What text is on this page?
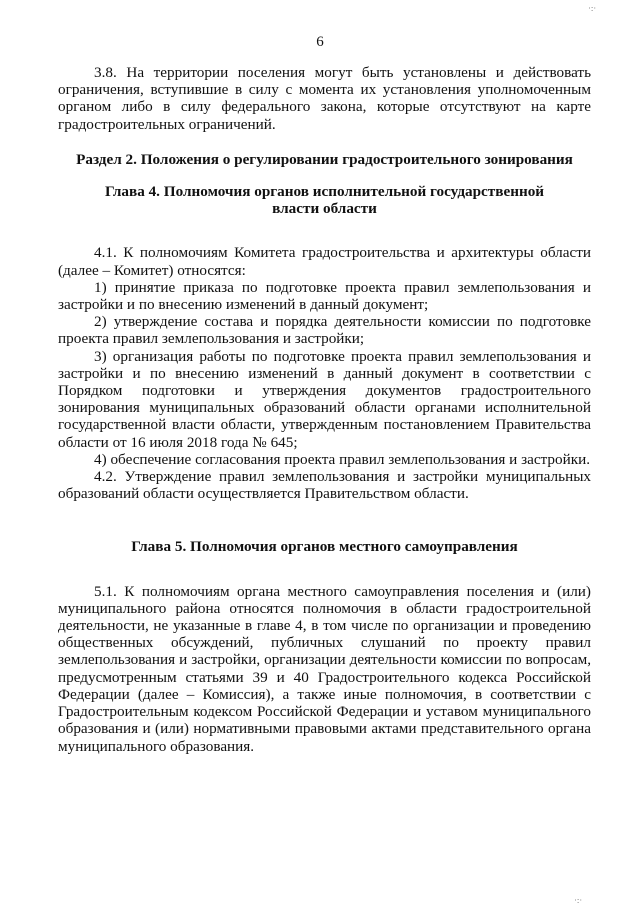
6

3.8. На территории поселения могут быть установлены и действовать ограничения, вступившие в силу с момента их установления уполномоченным органом либо в силу федерального закона, которые отсутствуют на карте градостроительных ограничений.

Раздел 2. Положения о регулировании градостроительного зонирования

Глава 4. Полномочия органов исполнительной государственной власти области

4.1. К полномочиям Комитета градостроительства и архитектуры области (далее – Комитет) относятся:

1) принятие приказа по подготовке проекта правил землепользования и застройки и по внесению изменений в данный документ;

2) утверждение состава и порядка деятельности комиссии по подготовке проекта правил землепользования и застройки;

3) организация работы по подготовке проекта правил землепользования и застройки и по внесению изменений в данный документ в соответствии с Порядком подготовки и утверждения документов градостроительного зонирования муниципальных образований области органами исполнительной государственной власти области, утвержденным постановлением Правительства области от 16 июля 2018 года № 645;

4) обеспечение согласования проекта правил землепользования и застройки.

4.2. Утверждение правил землепользования и застройки муниципальных образований области осуществляется Правительством области.

Глава 5. Полномочия органов местного самоуправления

5.1. К полномочиям органа местного самоуправления поселения и (или) муниципального района относятся полномочия в области градостроительной деятельности, не указанные в главе 4, в том числе по организации и проведению общественных обсуждений, публичных слушаний по проекту правил землепользования и застройки, организации деятельности комиссии по вопросам, предусмотренным статьями 39 и 40 Градостроительного кодекса Российской Федерации (далее – Комиссия), а также иные полномочия, в соответствии с Градостроительным кодексом Российской Федерации и уставом муниципального образования и (или) нормативными правовыми актами представительного органа муниципального образования.

·:·
·:·
